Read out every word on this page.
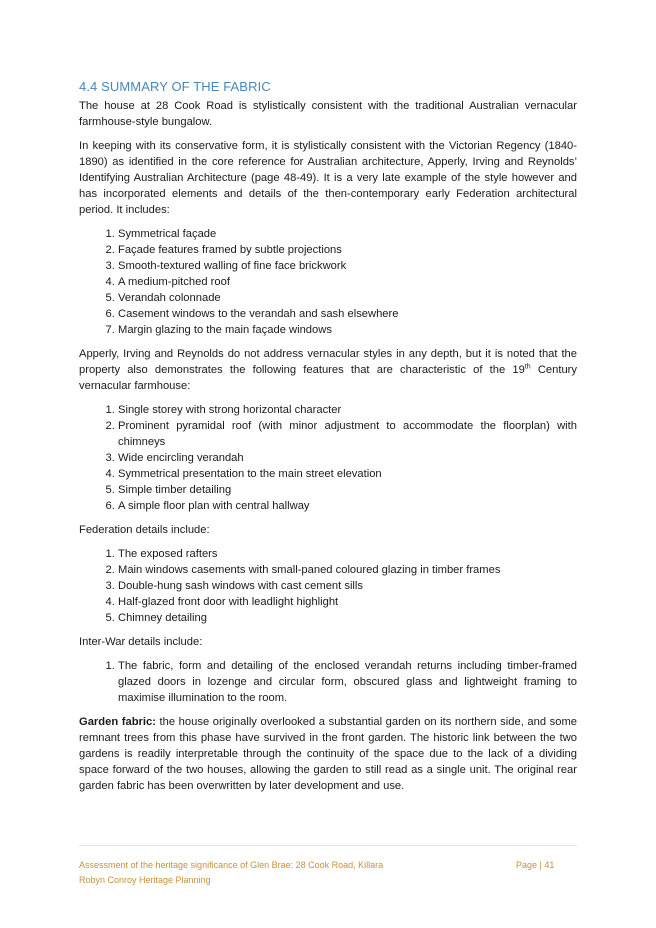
4.4 SUMMARY OF THE FABRIC

The house at 28 Cook Road is stylistically consistent with the traditional Australian vernacular farmhouse-style bungalow.

In keeping with its conservative form, it is stylistically consistent with the Victorian Regency (1840-1890) as identified in the core reference for Australian architecture, Apperly, Irving and Reynolds’ Identifying Australian Architecture (page 48-49). It is a very late example of the style however and has incorporated elements and details of the then-contemporary early Federation architectural period. It includes:

1. Symmetrical façade
2. Façade features framed by subtle projections
3. Smooth-textured walling of fine face brickwork
4. A medium-pitched roof
5. Verandah colonnade
6. Casement windows to the verandah and sash elsewhere
7. Margin glazing to the main façade windows

Apperly, Irving and Reynolds do not address vernacular styles in any depth, but it is noted that the property also demonstrates the following features that are characteristic of the 19th Century vernacular farmhouse:

1. Single storey with strong horizontal character
2. Prominent pyramidal roof (with minor adjustment to accommodate the floorplan) with chimneys
3. Wide encircling verandah
4. Symmetrical presentation to the main street elevation
5. Simple timber detailing
6. A simple floor plan with central hallway

Federation details include:

1. The exposed rafters
2. Main windows casements with small-paned coloured glazing in timber frames
3. Double-hung sash windows with cast cement sills
4. Half-glazed front door with leadlight highlight
5. Chimney detailing

Inter-War details include:

1. The fabric, form and detailing of the enclosed verandah returns including timber-framed glazed doors in lozenge and circular form, obscured glass and lightweight framing to maximise illumination to the room.

Garden fabric: the house originally overlooked a substantial garden on its northern side, and some remnant trees from this phase have survived in the front garden. The historic link between the two gardens is readily interpretable through the continuity of the space due to the lack of a dividing space forward of the two houses, allowing the garden to still read as a single unit. The original rear garden fabric has been overwritten by later development and use.

Assessment of the heritage significance of Glen Brae: 28 Cook Road, Killara
Robyn Conroy Heritage Planning
Page | 41
